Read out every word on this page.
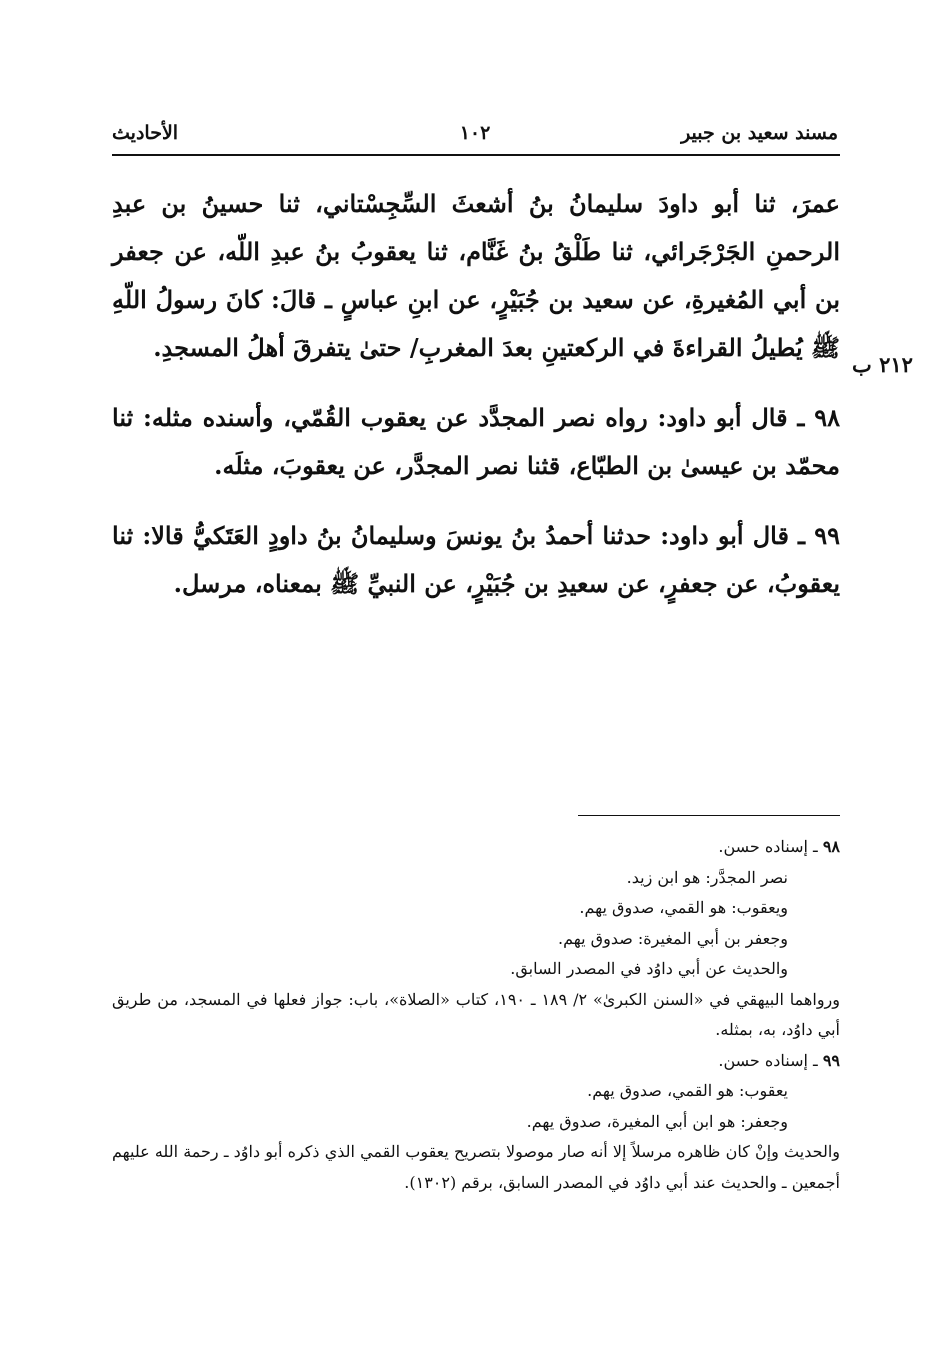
مسند سعيد بن جبير
١٠٢
الأحاديث
٢١٢ ب

عمرَ، ثنا أبو داودَ سليمانُ بنُ أشعثَ السِّجِسْتاني، ثنا حسينُ بن عبدِ الرحمنِ الجَرْجَرائي، ثنا طَلْقُ بنُ غَنَّام، ثنا يعقوبُ بنُ عبدِ اللّه، عن جعفر بن أبي المُغيرةِ، عن سعيد بن جُبَيْرٍ، عن ابنِ عباسٍ ـ قالَ: كانَ رسولُ اللّهِ ﷺ يُطيلُ القراءةَ في الركعتينِ بعدَ المغربِ/ حتىٰ يتفرقَ أهلُ المسجدِ.

٩٨ ـ قال أبو داود: رواه نصر المجدَّد عن يعقوب القُمّي، وأسنده مثله: ثنا محمّد بن عيسىٰ بن الطبّاع، قثنا نصر المجدَّر، عن يعقوبَ، مثلَه.

٩٩ ـ قال أبو داود: حدثنا أحمدُ بنُ يونسَ وسليمانُ بنُ داودٍ العَتَكيُّ قالا: ثنا يعقوبُ، عن جعفرٍ، عن سعيدِ بن جُبَيْرٍ، عن النبيِّ ﷺ بمعناه، مرسل.

٩٨ ـ إسناده حسن.

نصر المجدَّر: هو ابن زيد.

ويعقوب: هو القمي، صدوق يهم.

وجعفر بن أبي المغيرة: صدوق يهم.

والحديث عن أبي داوُد في المصدر السابق.

ورواهما البيهقي في «السنن الكبرىٰ» ٢/ ١٨٩ ـ ١٩٠، كتاب «الصلاة»، باب: جواز فعلها في المسجد، من طريق أبي داوُد، به، بمثله.

٩٩ ـ إسناده حسن.

يعقوب: هو القمي، صدوق يهم.

وجعفر: هو ابن أبي المغيرة، صدوق يهم.

والحديث وإنْ كان ظاهره مرسلاً إلا أنه صار موصولا بتصريح يعقوب القمي الذي ذكره أبو داوُد ـ رحمة الله عليهم أجمعين ـ والحديث عند أبي داوُد في المصدر السابق، برقم (١٣٠٢).
